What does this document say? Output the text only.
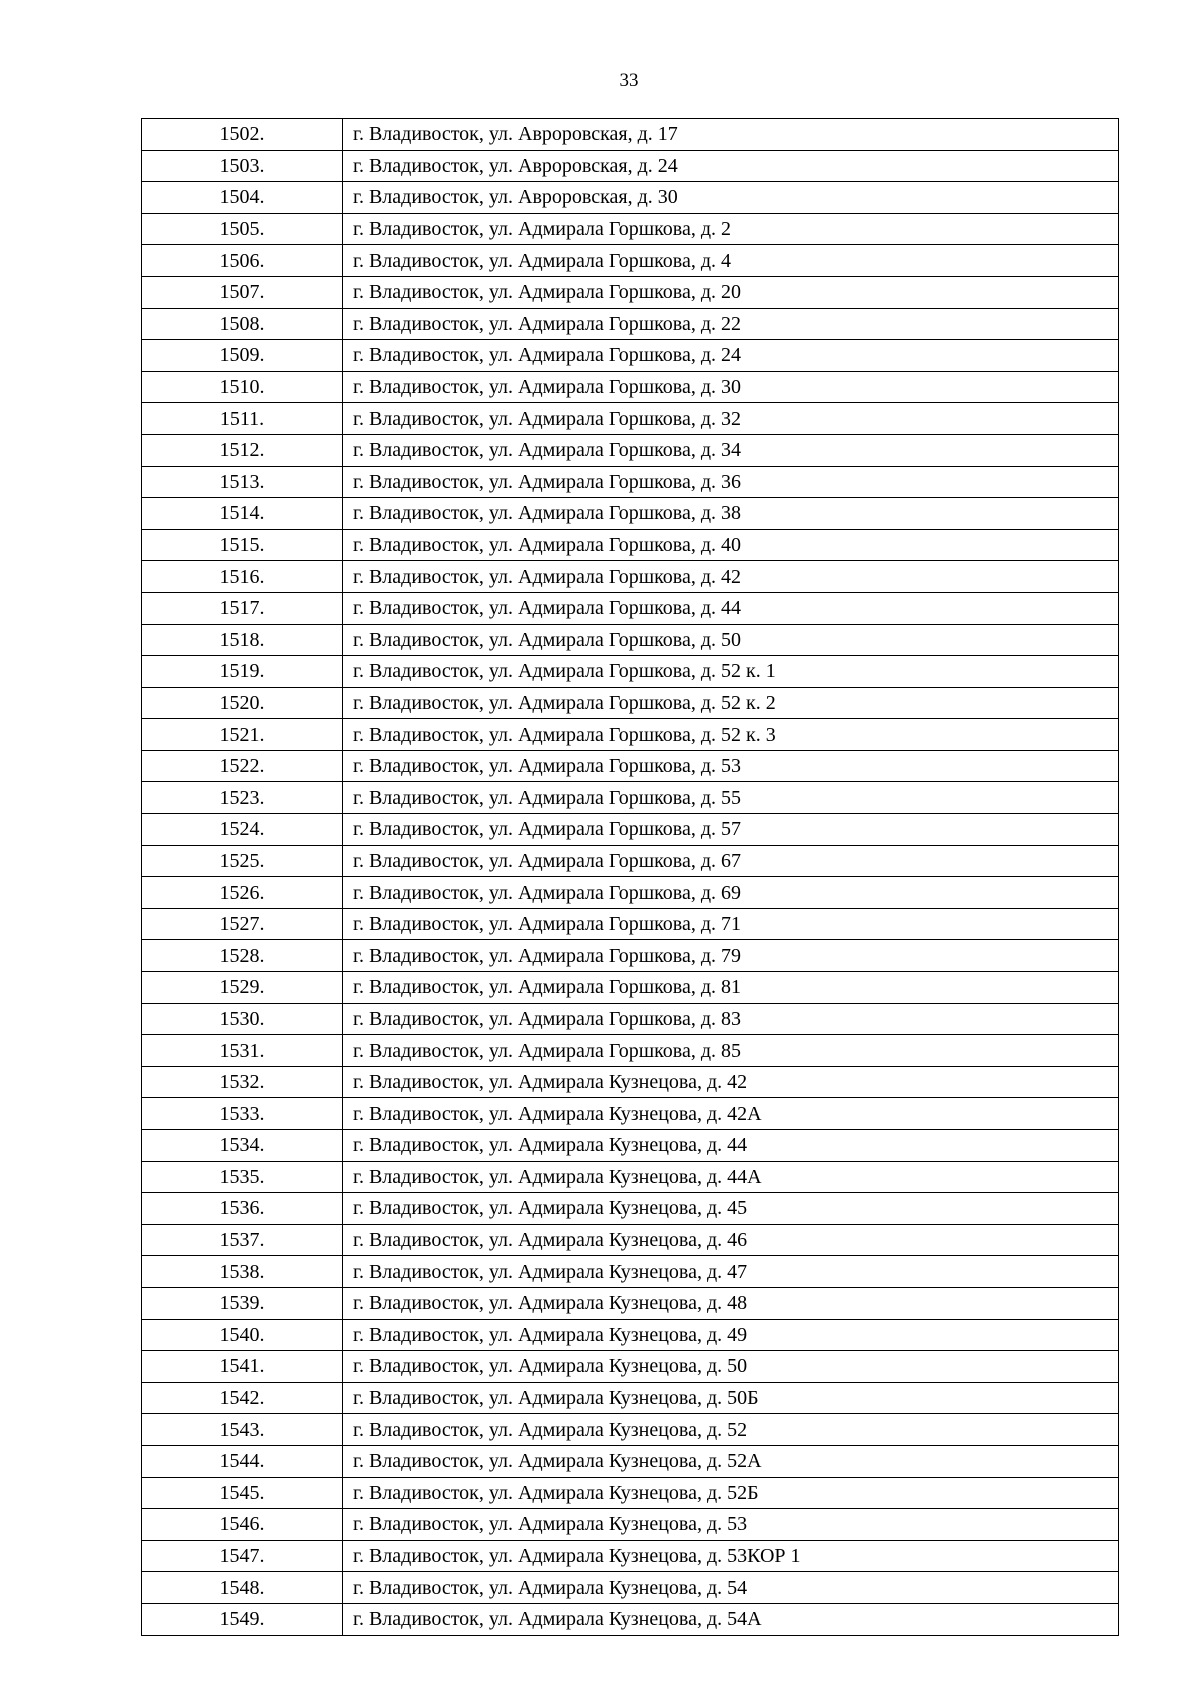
33
1502.	г. Владивосток, ул. Авроровская, д. 17
1503.	г. Владивосток, ул. Авроровская, д. 24
1504.	г. Владивосток, ул. Авроровская, д. 30
1505.	г. Владивосток, ул. Адмирала Горшкова, д. 2
1506.	г. Владивосток, ул. Адмирала Горшкова, д. 4
1507.	г. Владивосток, ул. Адмирала Горшкова, д. 20
1508.	г. Владивосток, ул. Адмирала Горшкова, д. 22
1509.	г. Владивосток, ул. Адмирала Горшкова, д. 24
1510.	г. Владивосток, ул. Адмирала Горшкова, д. 30
1511.	г. Владивосток, ул. Адмирала Горшкова, д. 32
1512.	г. Владивосток, ул. Адмирала Горшкова, д. 34
1513.	г. Владивосток, ул. Адмирала Горшкова, д. 36
1514.	г. Владивосток, ул. Адмирала Горшкова, д. 38
1515.	г. Владивосток, ул. Адмирала Горшкова, д. 40
1516.	г. Владивосток, ул. Адмирала Горшкова, д. 42
1517.	г. Владивосток, ул. Адмирала Горшкова, д. 44
1518.	г. Владивосток, ул. Адмирала Горшкова, д. 50
1519.	г. Владивосток, ул. Адмирала Горшкова, д. 52 к. 1
1520.	г. Владивосток, ул. Адмирала Горшкова, д. 52 к. 2
1521.	г. Владивосток, ул. Адмирала Горшкова, д. 52 к. 3
1522.	г. Владивосток, ул. Адмирала Горшкова, д. 53
1523.	г. Владивосток, ул. Адмирала Горшкова, д. 55
1524.	г. Владивосток, ул. Адмирала Горшкова, д. 57
1525.	г. Владивосток, ул. Адмирала Горшкова, д. 67
1526.	г. Владивосток, ул. Адмирала Горшкова, д. 69
1527.	г. Владивосток, ул. Адмирала Горшкова, д. 71
1528.	г. Владивосток, ул. Адмирала Горшкова, д. 79
1529.	г. Владивосток, ул. Адмирала Горшкова, д. 81
1530.	г. Владивосток, ул. Адмирала Горшкова, д. 83
1531.	г. Владивосток, ул. Адмирала Горшкова, д. 85
1532.	г. Владивосток, ул. Адмирала Кузнецова, д. 42
1533.	г. Владивосток, ул. Адмирала Кузнецова, д. 42А
1534.	г. Владивосток, ул. Адмирала Кузнецова, д. 44
1535.	г. Владивосток, ул. Адмирала Кузнецова, д. 44А
1536.	г. Владивосток, ул. Адмирала Кузнецова, д. 45
1537.	г. Владивосток, ул. Адмирала Кузнецова, д. 46
1538.	г. Владивосток, ул. Адмирала Кузнецова, д. 47
1539.	г. Владивосток, ул. Адмирала Кузнецова, д. 48
1540.	г. Владивосток, ул. Адмирала Кузнецова, д. 49
1541.	г. Владивосток, ул. Адмирала Кузнецова, д. 50
1542.	г. Владивосток, ул. Адмирала Кузнецова, д. 50Б
1543.	г. Владивосток, ул. Адмирала Кузнецова, д. 52
1544.	г. Владивосток, ул. Адмирала Кузнецова, д. 52А
1545.	г. Владивосток, ул. Адмирала Кузнецова, д. 52Б
1546.	г. Владивосток, ул. Адмирала Кузнецова, д. 53
1547.	г. Владивосток, ул. Адмирала Кузнецова, д. 53КОР 1
1548.	г. Владивосток, ул. Адмирала Кузнецова, д. 54
1549.	г. Владивосток, ул. Адмирала Кузнецова, д. 54А
